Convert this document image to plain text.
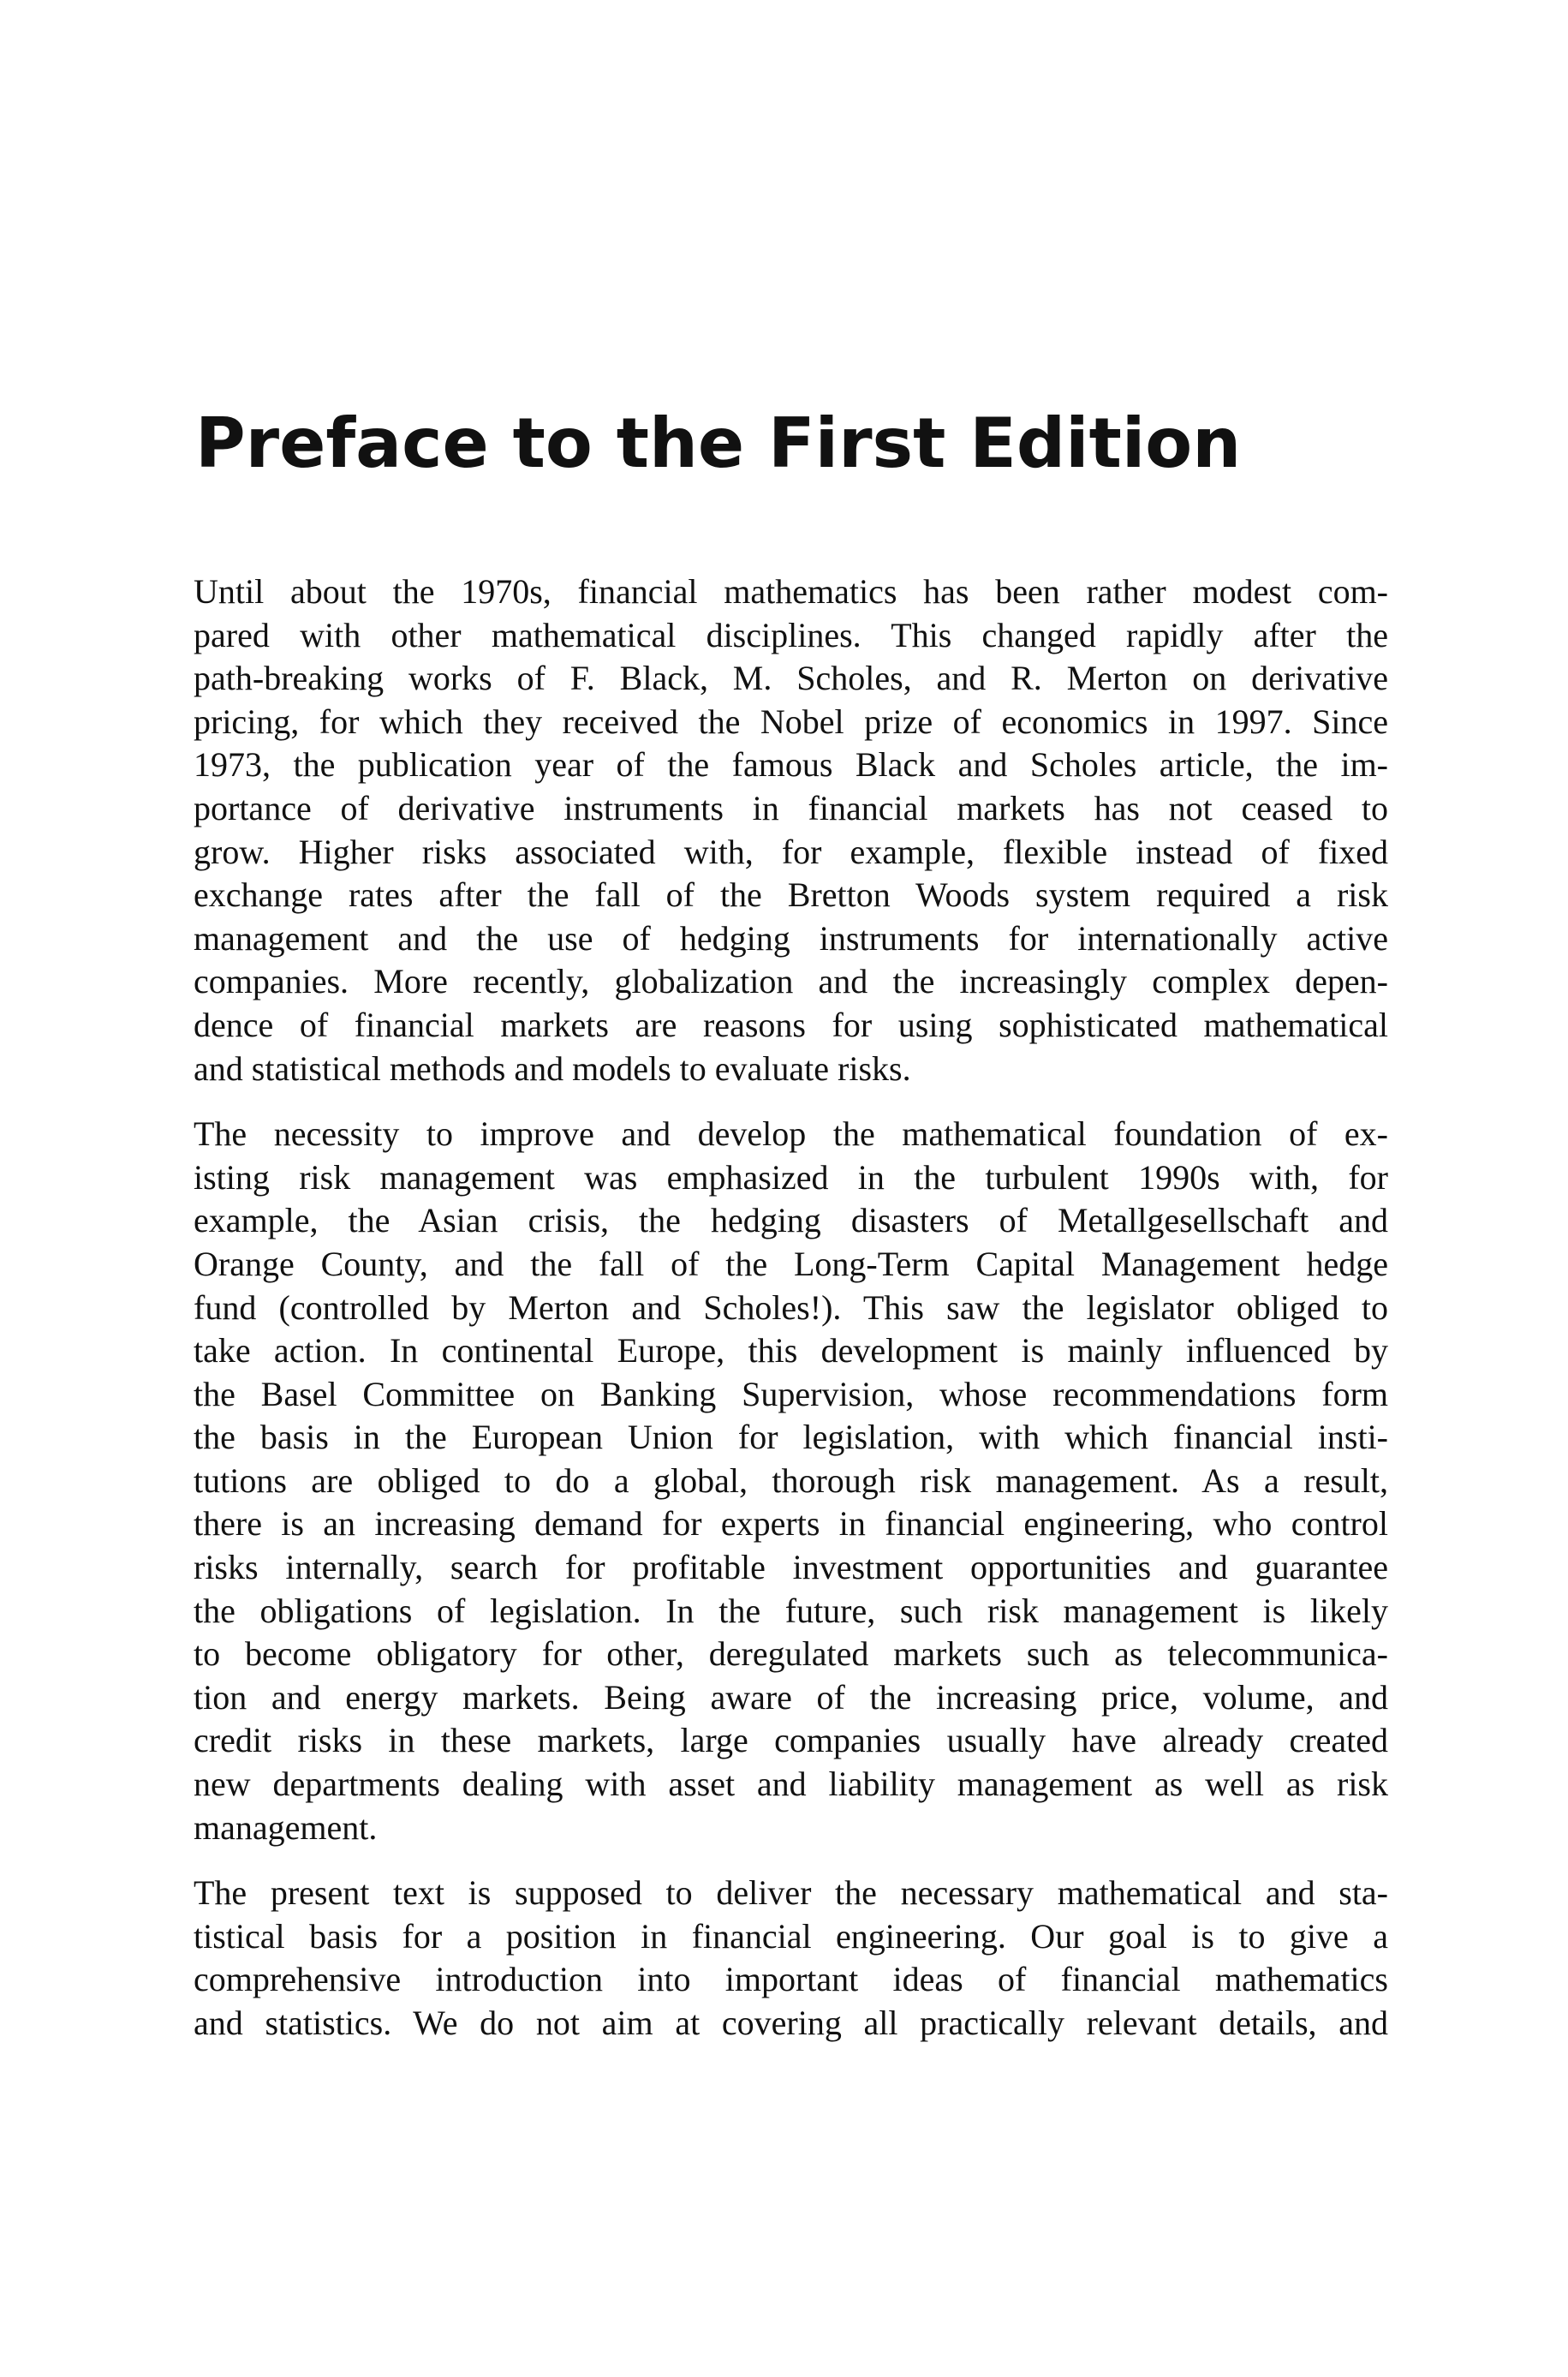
Preface to the First Edition

Until about the 1970s, financial mathematics has been rather modest com-
pared with other mathematical disciplines. This changed rapidly after the
path-breaking works of F. Black, M. Scholes, and R. Merton on derivative
pricing, for which they received the Nobel prize of economics in 1997. Since
1973, the publication year of the famous Black and Scholes article, the im-
portance of derivative instruments in financial markets has not ceased to
grow. Higher risks associated with, for example, flexible instead of fixed
exchange rates after the fall of the Bretton Woods system required a risk
management and the use of hedging instruments for internationally active
companies. More recently, globalization and the increasingly complex depen-
dence of financial markets are reasons for using sophisticated mathematical
and statistical methods and models to evaluate risks.

The necessity to improve and develop the mathematical foundation of ex-
isting risk management was emphasized in the turbulent 1990s with, for
example, the Asian crisis, the hedging disasters of Metallgesellschaft and
Orange County, and the fall of the Long-Term Capital Management hedge
fund (controlled by Merton and Scholes!). This saw the legislator obliged to
take action. In continental Europe, this development is mainly influenced by
the Basel Committee on Banking Supervision, whose recommendations form
the basis in the European Union for legislation, with which financial insti-
tutions are obliged to do a global, thorough risk management. As a result,
there is an increasing demand for experts in financial engineering, who control
risks internally, search for profitable investment opportunities and guarantee
the obligations of legislation. In the future, such risk management is likely
to become obligatory for other, deregulated markets such as telecommunica-
tion and energy markets. Being aware of the increasing price, volume, and
credit risks in these markets, large companies usually have already created
new departments dealing with asset and liability management as well as risk
management.

The present text is supposed to deliver the necessary mathematical and sta-
tistical basis for a position in financial engineering. Our goal is to give a
comprehensive introduction into important ideas of financial mathematics
and statistics. We do not aim at covering all practically relevant details, and
